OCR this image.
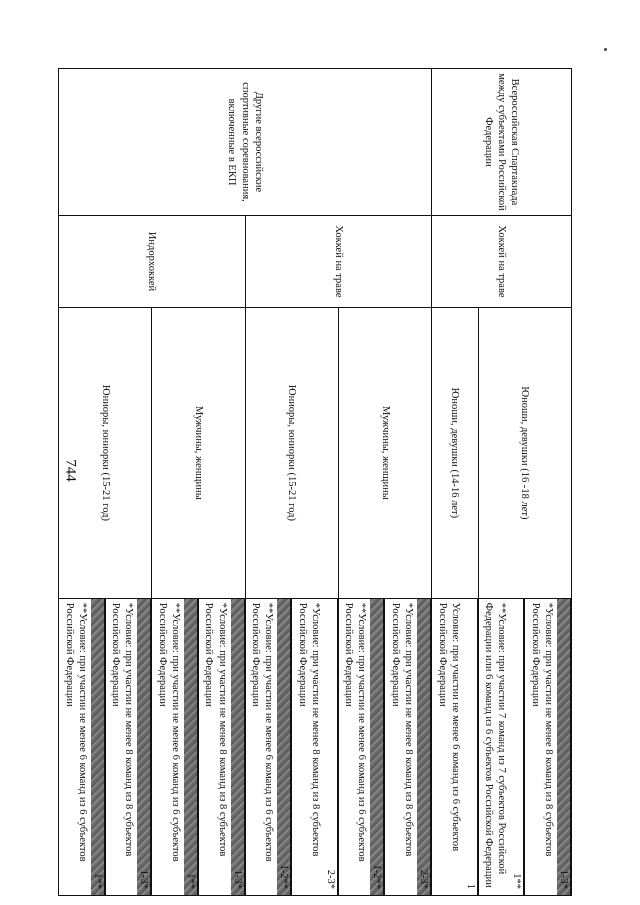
744
Всероссийская Спартакиада между субъектами Российской Федерации	Хоккей на траве	Юноши, девушки (16 -18 лет)	1-3*
*Условие: при участии не менее 8 команд из 8 субъектов Российской Федерации

			1**
**Условие: при участии 7 команд из 7 субъектов Российской Федерации или 6 команд из 6 субъектов Российской Федерации

		Юноши, девушки (14-16 лет)	1
Условие: при участии не менее 6 команд из 6 субъектов Российской Федерации

Другие всероссийские спортивные соревнования, включенные в ЕКП	Хоккей на траве	Мужчины, женщины	2-3*
*Условие: при участии не менее 8 команд из 8 субъектов Российской Федерации

			1-2**
**Условие: при участии не менее 6 команд из 6 субъектов Российской Федерации

		Юниоры, юниорки (15-21 год)	2-3*
*Условие: при участии не менее 8 команд из 8 субъектов Российской Федерации

			1-2**
**Условие: при участии не менее 6 команд из 6 субъектов Российской Федерации

	Индорхоккей	Мужчины, женщины	1-3*
*Условие: при участии не менее 8 команд из 8 субъектов Российской Федерации

			1**
**Условие: при участии не менее 6 команд из 6 субъектов Российской Федерации

		Юниоры, юниорки (15-21 год)	1-3*
*Условие: при участии не менее 8 команд из 8 субъектов Российской Федерации

			1**
**Условие: при участии не менее 6 команд из 6 субъектов Российской Федерации
